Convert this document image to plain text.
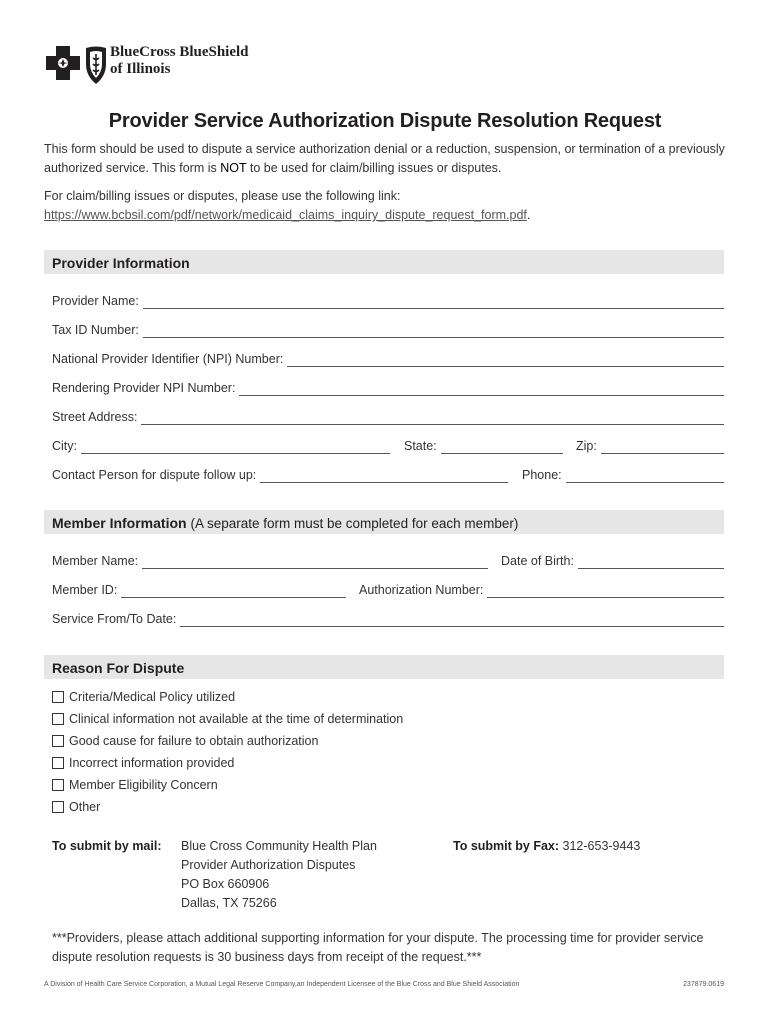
BlueCross BlueShield
of Illinois
Provider Service Authorization Dispute Resolution Request
This form should be used to dispute a service authorization denial or a reduction, suspension, or termination of a previously authorized service. This form is NOT to be used for claim/billing issues or disputes.
For claim/billing issues or disputes, please use the following link:
https://www.bcbsil.com/pdf/network/medicaid_claims_inquiry_dispute_request_form.pdf.
Provider Information
Provider Name:
Tax ID Number:
National Provider Identifier (NPI) Number:
Rendering Provider NPI Number:
Street Address:
City:	State:	Zip:
Contact Person for dispute follow up:	Phone:
Member Information (A separate form must be completed for each member)
Member Name:	Date of Birth:
Member ID:	Authorization Number:
Service From/To Date:
Reason For Dispute
Criteria/Medical Policy utilized
Clinical information not available at the time of determination
Good cause for failure to obtain authorization
Incorrect information provided
Member Eligibility Concern
Other
To submit by mail: Blue Cross Community Health Plan
Provider Authorization Disputes
PO Box 660906
Dallas, TX 75266
To submit by Fax: 312-653-9443
***Providers, please attach additional supporting information for your dispute. The processing time for provider service dispute resolution requests is 30 business days from receipt of the request.***
A Division of Health Care Service Corporation, a Mutual Legal Reserve Company,an Independent Licensee of the Blue Cross and Blue Shield Association	237879.0619
